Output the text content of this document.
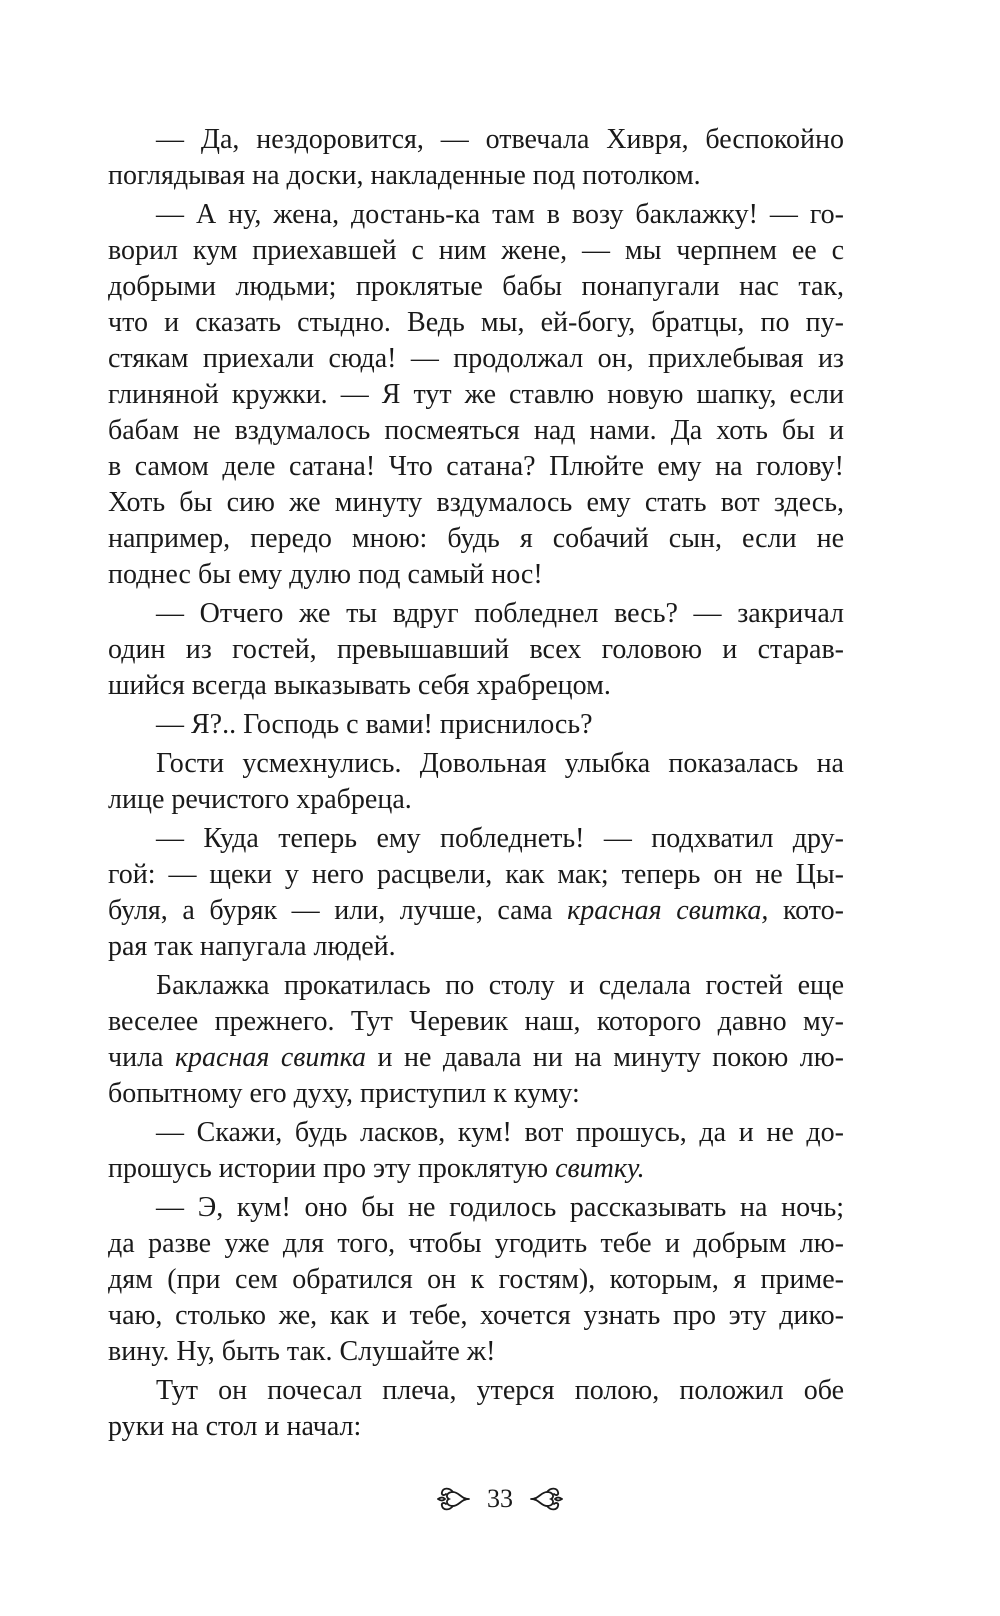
— Да, нездоровится, — отвечала Хивря, беспокойно
поглядывая на доски, накладенные под потолком.
— А ну, жена, достань-ка там в возу баклажку! — го-
ворил кум приехавшей с ним жене, — мы черпнем ее с
добрыми людьми; проклятые бабы понапугали нас так,
что и сказать стыдно. Ведь мы, ей-богу, братцы, по пу-
стякам приехали сюда! — продолжал он, прихлебывая из
глиняной кружки. — Я тут же ставлю новую шапку, если
бабам не вздумалось посмеяться над нами. Да хоть бы и
в самом деле сатана! Что сатана? Плюйте ему на голову!
Хоть бы сию же минуту вздумалось ему стать вот здесь,
например, передо мною: будь я собачий сын, если не
поднес бы ему дулю под самый нос!
— Отчего же ты вдруг побледнел весь? — закричал
один из гостей, превышавший всех головою и старав-
шийся всегда выказывать себя храбрецом.
— Я?.. Господь с вами! приснилось?
Гости усмехнулись. Довольная улыбка показалась на
лице речистого храбреца.
— Куда теперь ему побледнеть! — подхватил дру-
гой: — щеки у него расцвели, как мак; теперь он не Цы-
буля, а буряк — или, лучше, сама красная свитка, кото-
рая так напугала людей.
Баклажка прокатилась по столу и сделала гостей еще
веселее прежнего. Тут Черевик наш, которого давно му-
чила красная свитка и не давала ни на минуту покою лю-
бопытному его духу, приступил к куму:
— Скажи, будь ласков, кум! вот прошусь, да и не до-
прошусь истории про эту проклятую свитку.
— Э, кум! оно бы не годилось рассказывать на ночь;
да разве уже для того, чтобы угодить тебе и добрым лю-
дям (при сем обратился он к гостям), которым, я приме-
чаю, столько же, как и тебе, хочется узнать про эту дико-
вину. Ну, быть так. Слушайте ж!
Тут он почесал плеча, утерся полою, положил обе
руки на стол и начал:
33
